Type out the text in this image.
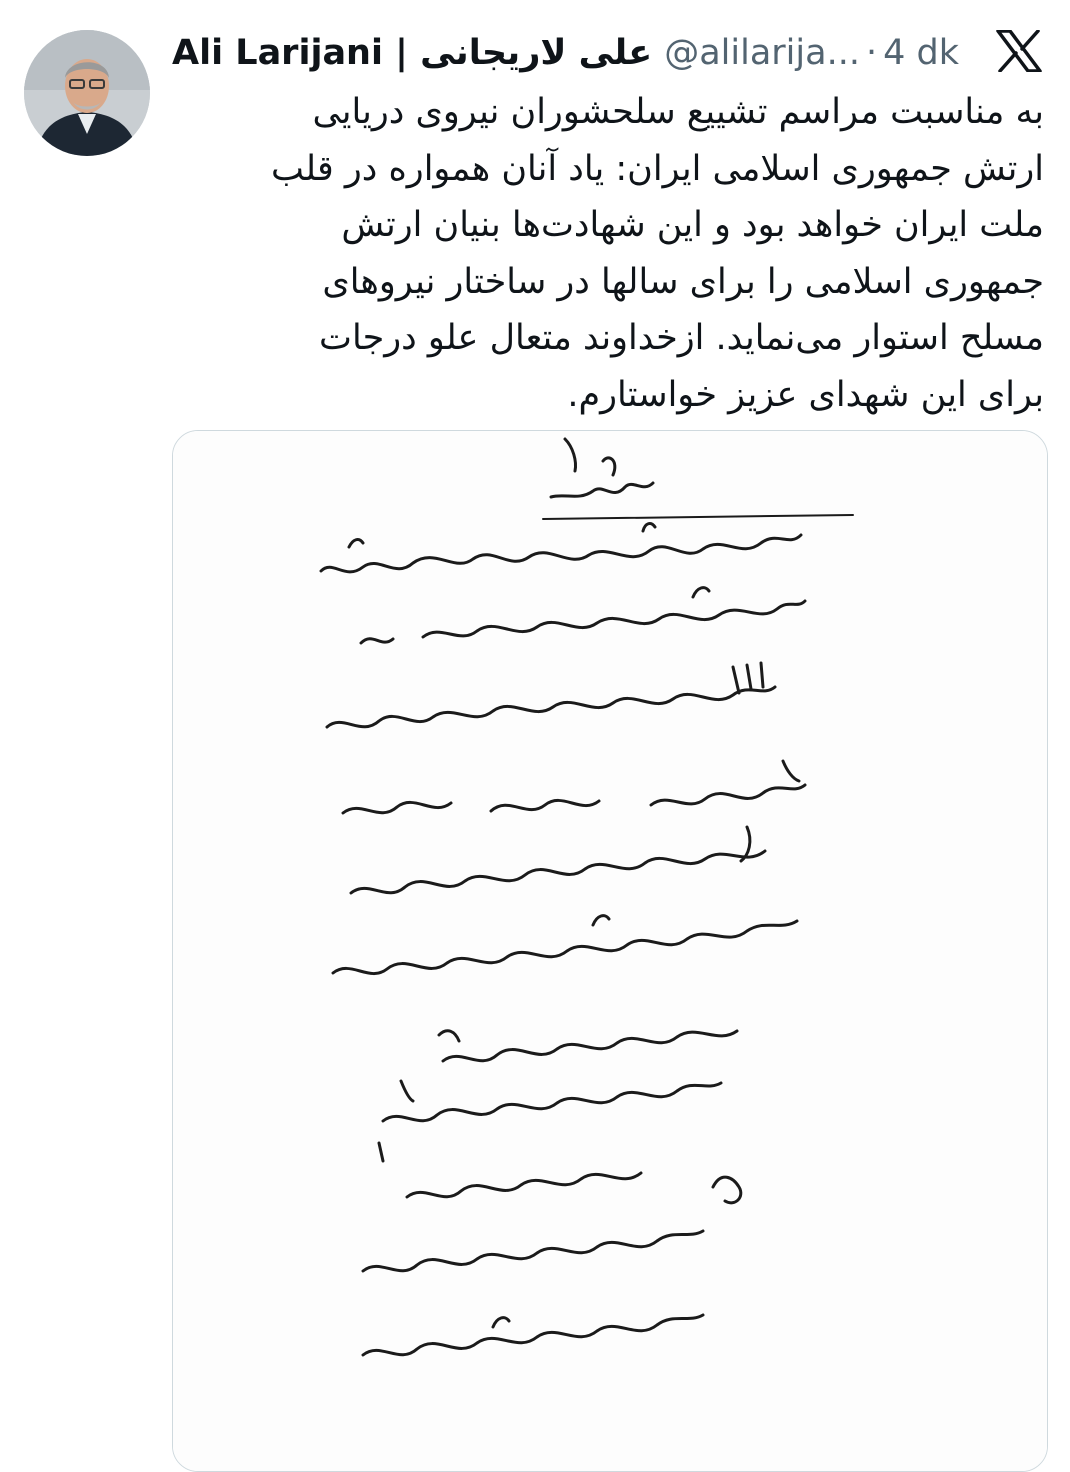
Ali Larijani | علی لاریجانی @alilarija... · 4 dk
به مناسبت مراسم تشییع سلحشوران نیروی دریایی
ارتش جمهوری اسلامی ایران: یاد آنان همواره در قلب
ملت ایران خواهد بود و این شهادت‌ها بنیان ارتش
جمهوری اسلامی را برای سالها در ساختار نیروهای
مسلح استوار می‌نماید. ازخداوند متعال علو درجات
برای این شهدای عزیز خواستارم.
